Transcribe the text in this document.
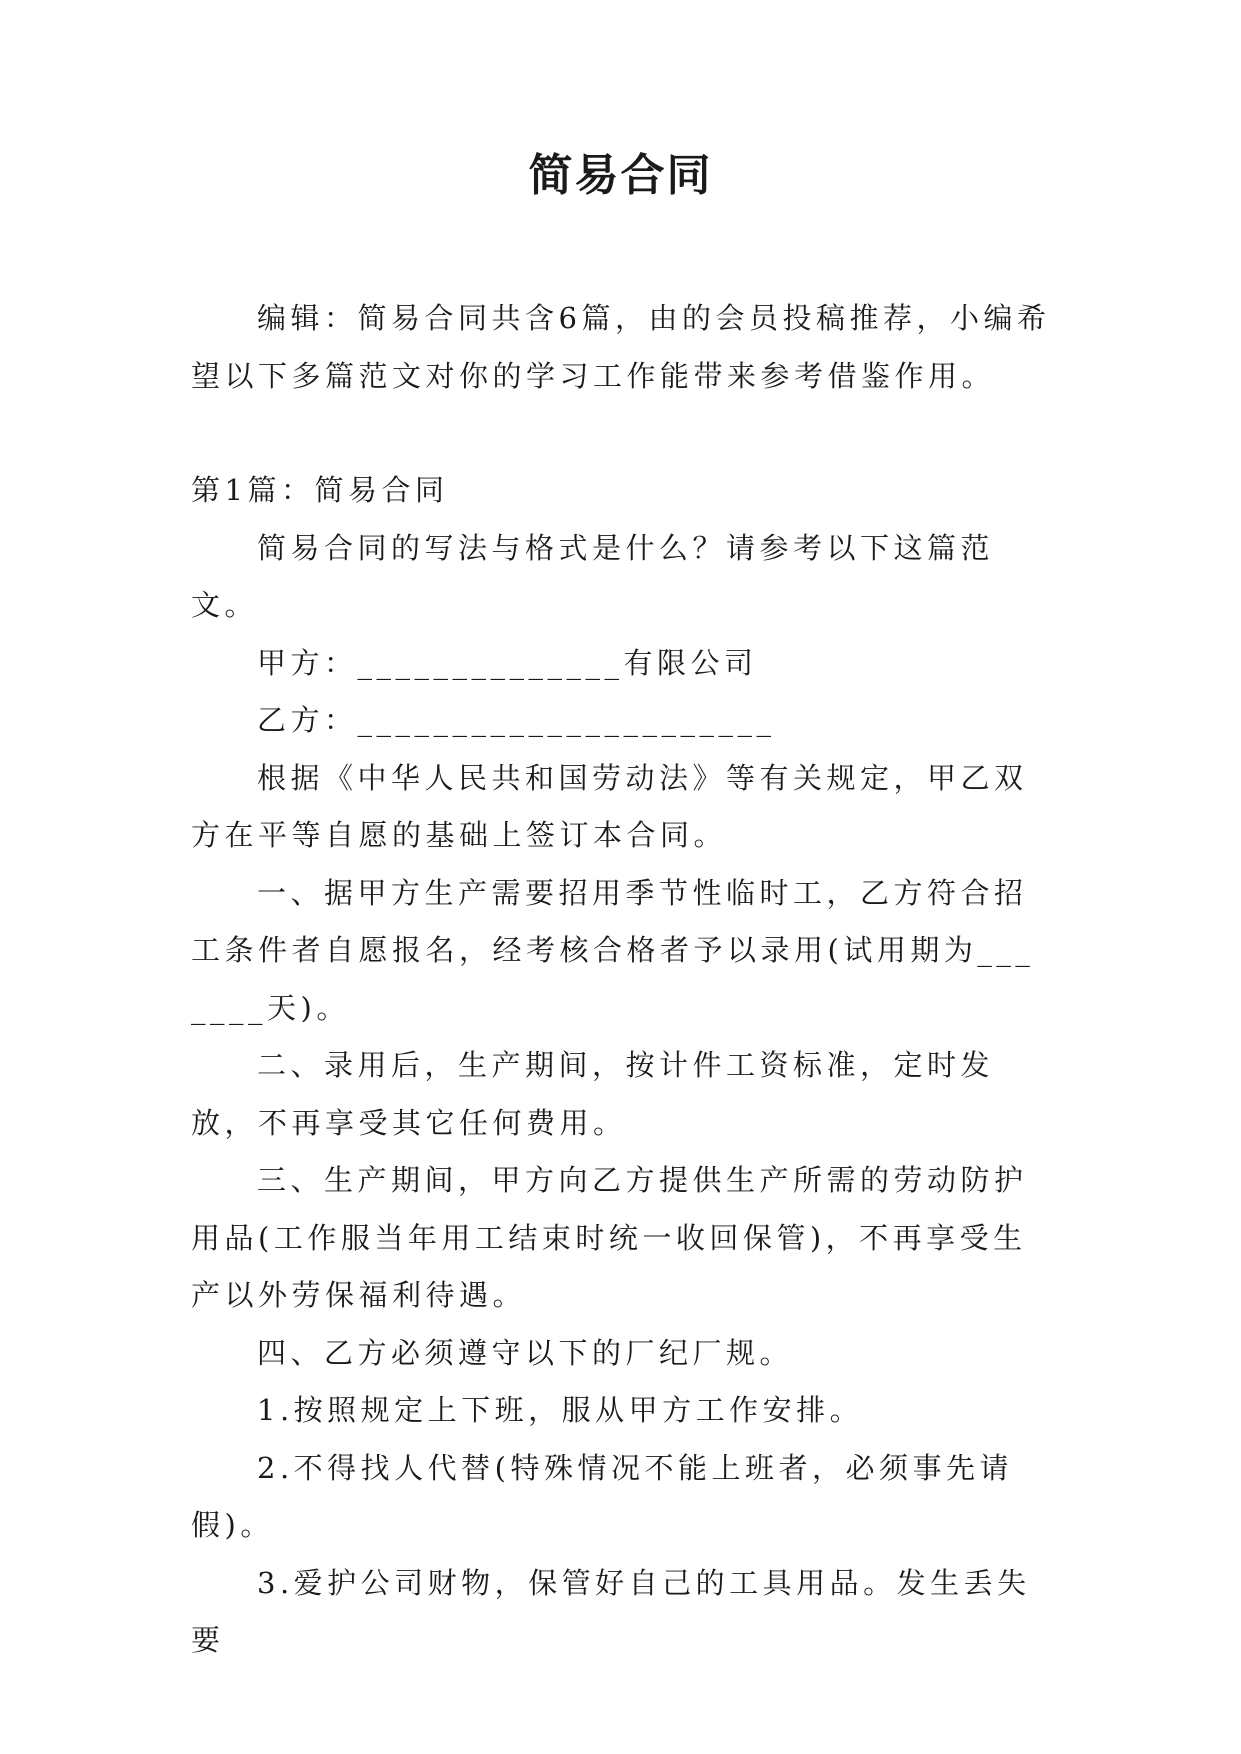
简易合同

编辑：简易合同共含6篇，由的会员投稿推荐，小编希望以下多篇范文对你的学习工作能带来参考借鉴作用。

第1篇：简易合同

简易合同的写法与格式是什么？请参考以下这篇范文。

甲方：______________有限公司

乙方：______________________

根据《中华人民共和国劳动法》等有关规定，甲乙双方在平等自愿的基础上签订本合同。

一、据甲方生产需要招用季节性临时工，乙方符合招工条件者自愿报名，经考核合格者予以录用(试用期为_______天)。

二、录用后，生产期间，按计件工资标准，定时发放，不再享受其它任何费用。

三、生产期间，甲方向乙方提供生产所需的劳动防护用品(工作服当年用工结束时统一收回保管)，不再享受生产以外劳保福利待遇。

四、乙方必须遵守以下的厂纪厂规。

1.按照规定上下班，服从甲方工作安排。

2.不得找人代替(特殊情况不能上班者，必须事先请假)。

3.爱护公司财物，保管好自己的工具用品。发生丢失要
